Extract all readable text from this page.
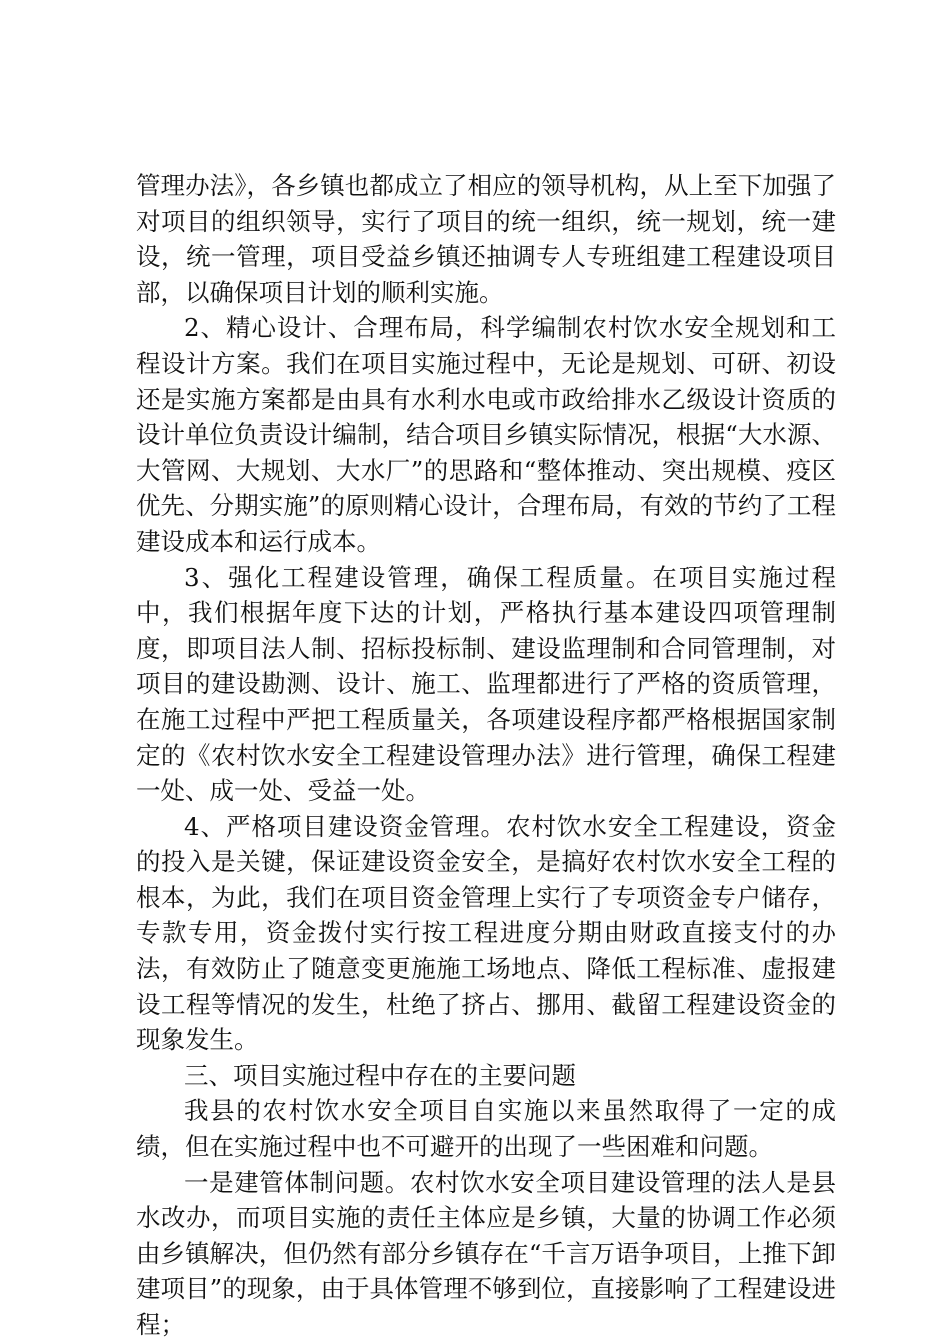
管理办法》，各乡镇也都成立了相应的领导机构，从上至下加强了对项目的组织领导，实行了项目的统一组织，统一规划，统一建设，统一管理，项目受益乡镇还抽调专人专班组建工程建设项目部，以确保项目计划的顺利实施。

2、精心设计、合理布局，科学编制农村饮水安全规划和工程设计方案。我们在项目实施过程中，无论是规划、可研、初设还是实施方案都是由具有水利水电或市政给排水乙级设计资质的设计单位负责设计编制，结合项目乡镇实际情况，根据“大水源、大管网、大规划、大水厂”的思路和“整体推动、突出规模、疫区优先、分期实施”的原则精心设计，合理布局，有效的节约了工程建设成本和运行成本。

3、强化工程建设管理，确保工程质量。在项目实施过程中，我们根据年度下达的计划，严格执行基本建设四项管理制度，即项目法人制、招标投标制、建设监理制和合同管理制，对项目的建设勘测、设计、施工、监理都进行了严格的资质管理，在施工过程中严把工程质量关，各项建设程序都严格根据国家制定的《农村饮水安全工程建设管理办法》进行管理，确保工程建一处、成一处、受益一处。

4、严格项目建设资金管理。农村饮水安全工程建设，资金的投入是关键，保证建设资金安全，是搞好农村饮水安全工程的根本，为此，我们在项目资金管理上实行了专项资金专户储存，专款专用，资金拨付实行按工程进度分期由财政直接支付的办法，有效防止了随意变更施施工场地点、降低工程标准、虚报建设工程等情况的发生，杜绝了挤占、挪用、截留工程建设资金的现象发生。

三、项目实施过程中存在的主要问题

我县的农村饮水安全项目自实施以来虽然取得了一定的成绩，但在实施过程中也不可避开的出现了一些困难和问题。

一是建管体制问题。农村饮水安全项目建设管理的法人是县水改办，而项目实施的责任主体应是乡镇，大量的协调工作必须由乡镇解决，但仍然有部分乡镇存在“千言万语争项目，上推下卸建项目”的现象，由于具体管理不够到位，直接影响了工程建设进程；
